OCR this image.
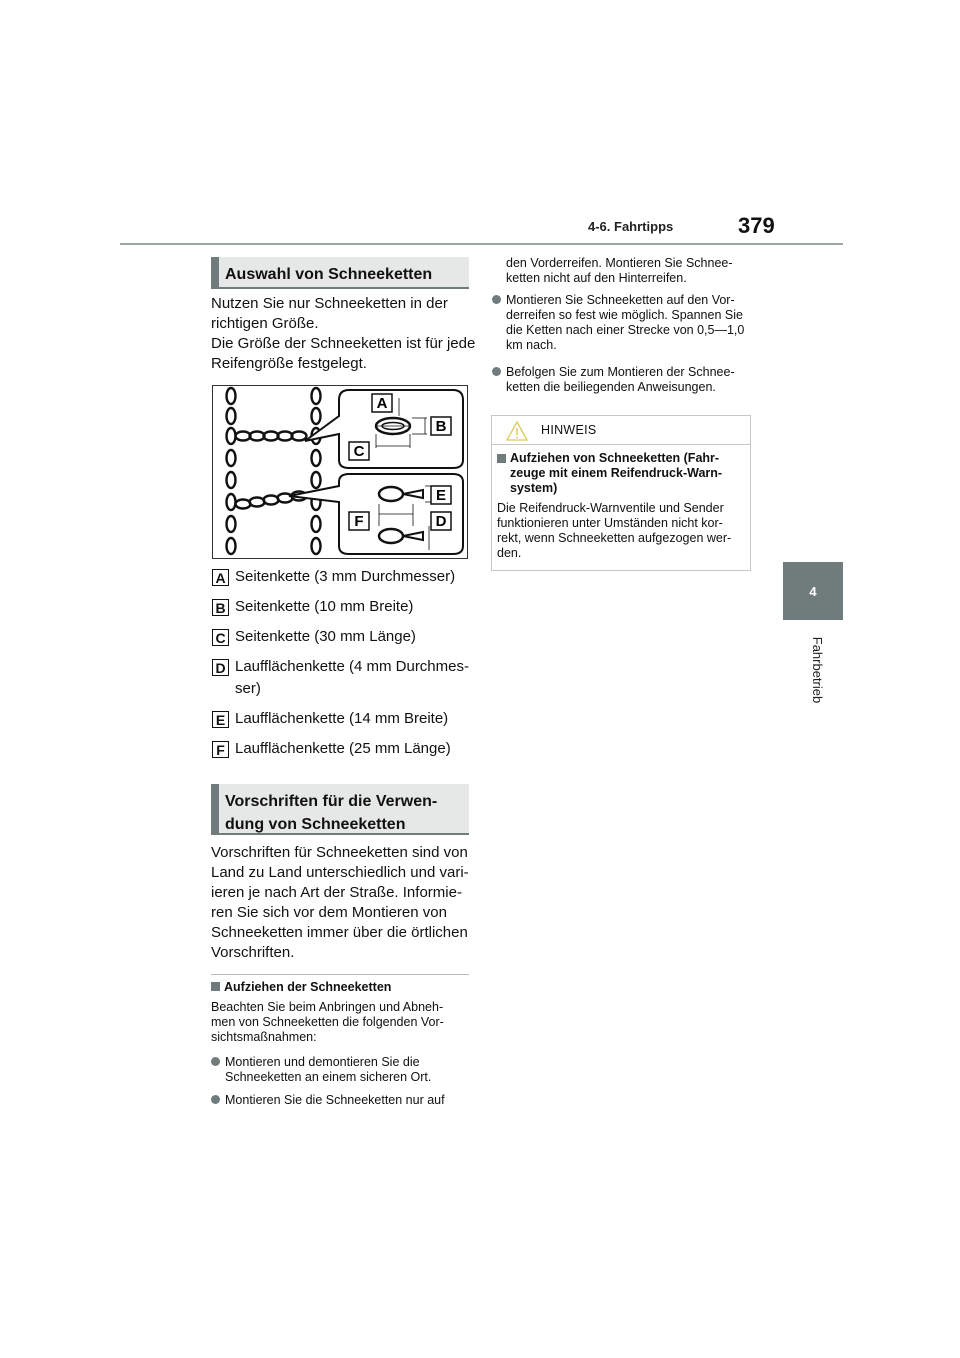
4-6. Fahrtipps	379
4
Fahrbetrieb
Auswahl von Schneeketten
Nutzen Sie nur Schneeketten in der
richtigen Größe.
Die Größe der Schneeketten ist für jede
Reifengröße festgelegt.
A
B
C
E
F	D
A Seitenkette (3 mm Durchmesser)
B Seitenkette (10 mm Breite)
C Seitenkette (30 mm Länge)
D Laufflächenkette (4 mm Durchmes-
ser)
E Laufflächenkette (14 mm Breite)
F Laufflächenkette (25 mm Länge)
Vorschriften für die Verwen-
dung von Schneeketten
Vorschriften für Schneeketten sind von
Land zu Land unterschiedlich und vari-
ieren je nach Art der Straße. Informie-
ren Sie sich vor dem Montieren von
Schneeketten immer über die örtlichen
Vorschriften.
Aufziehen der Schneeketten
Beachten Sie beim Anbringen und Abneh-
men von Schneeketten die folgenden Vor-
sichtsmaßnahmen:
Montieren und demontieren Sie die
Schneeketten an einem sicheren Ort.
Montieren Sie die Schneeketten nur auf
den Vorderreifen. Montieren Sie Schnee-
ketten nicht auf den Hinterreifen.
Montieren Sie Schneeketten auf den Vor-
derreifen so fest wie möglich. Spannen Sie
die Ketten nach einer Strecke von 0,5—1,0
km nach.
Befolgen Sie zum Montieren der Schnee-
ketten die beiliegenden Anweisungen.
HINWEIS
Aufziehen von Schneeketten (Fahr-
zeuge mit einem Reifendruck-Warn-
system)
Die Reifendruck-Warnventile und Sender
funktionieren unter Umständen nicht kor-
rekt, wenn Schneeketten aufgezogen wer-
den.
